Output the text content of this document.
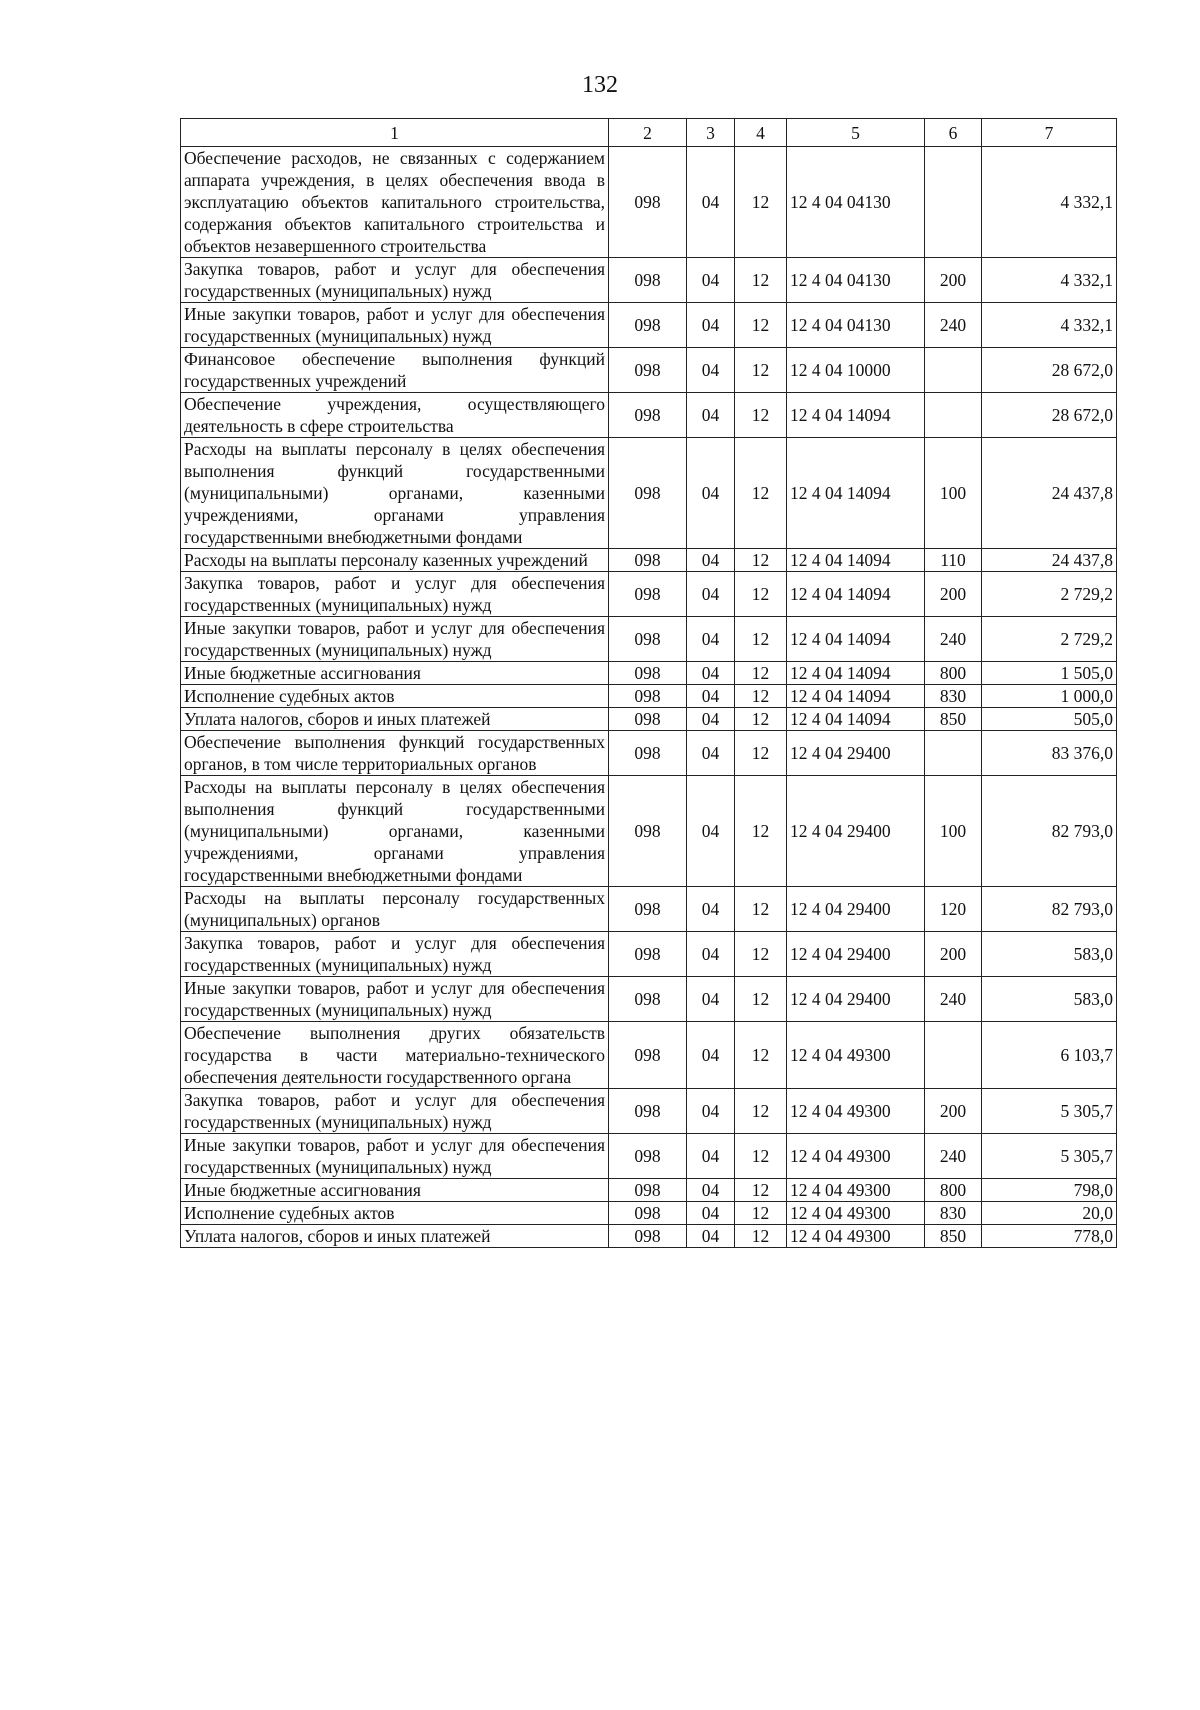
132
1	2	3	4	5	6	7
Обеспечение расходов, не связанных с содержанием аппарата учреждения, в целях обеспечения ввода в эксплуатацию объектов капитального строительства, содержания объектов капитального строительства и объектов незавершенного строительства	098	04	12	12 4 04 04130		4 332,1
Закупка товаров, работ и услуг для обеспечения государственных (муниципальных) нужд	098	04	12	12 4 04 04130	200	4 332,1
Иные закупки товаров, работ и услуг для обеспечения государственных (муниципальных) нужд	098	04	12	12 4 04 04130	240	4 332,1
Финансовое обеспечение выполнения функций государственных учреждений	098	04	12	12 4 04 10000		28 672,0
Обеспечение учреждения, осуществляющего деятельность в сфере строительства	098	04	12	12 4 04 14094		28 672,0
Расходы на выплаты персоналу в целях обеспечения выполнения функций государственными (муниципальными) органами, казенными учреждениями, органами управления государственными внебюджетными фондами	098	04	12	12 4 04 14094	100	24 437,8
Расходы на выплаты персоналу казенных учреждений	098	04	12	12 4 04 14094	110	24 437,8
Закупка товаров, работ и услуг для обеспечения государственных (муниципальных) нужд	098	04	12	12 4 04 14094	200	2 729,2
Иные закупки товаров, работ и услуг для обеспечения государственных (муниципальных) нужд	098	04	12	12 4 04 14094	240	2 729,2
Иные бюджетные ассигнования	098	04	12	12 4 04 14094	800	1 505,0
Исполнение судебных актов	098	04	12	12 4 04 14094	830	1 000,0
Уплата налогов, сборов и иных платежей	098	04	12	12 4 04 14094	850	505,0
Обеспечение выполнения функций государственных органов, в том числе территориальных органов	098	04	12	12 4 04 29400		83 376,0
Расходы на выплаты персоналу в целях обеспечения выполнения функций государственными (муниципальными) органами, казенными учреждениями, органами управления государственными внебюджетными фондами	098	04	12	12 4 04 29400	100	82 793,0
Расходы на выплаты персоналу государственных (муниципальных) органов	098	04	12	12 4 04 29400	120	82 793,0
Закупка товаров, работ и услуг для обеспечения государственных (муниципальных) нужд	098	04	12	12 4 04 29400	200	583,0
Иные закупки товаров, работ и услуг для обеспечения государственных (муниципальных) нужд	098	04	12	12 4 04 29400	240	583,0
Обеспечение выполнения других обязательств государства в части материально-технического обеспечения деятельности государственного органа	098	04	12	12 4 04 49300		6 103,7
Закупка товаров, работ и услуг для обеспечения государственных (муниципальных) нужд	098	04	12	12 4 04 49300	200	5 305,7
Иные закупки товаров, работ и услуг для обеспечения государственных (муниципальных) нужд	098	04	12	12 4 04 49300	240	5 305,7
Иные бюджетные ассигнования	098	04	12	12 4 04 49300	800	798,0
Исполнение судебных актов	098	04	12	12 4 04 49300	830	20,0
Уплата налогов, сборов и иных платежей	098	04	12	12 4 04 49300	850	778,0
